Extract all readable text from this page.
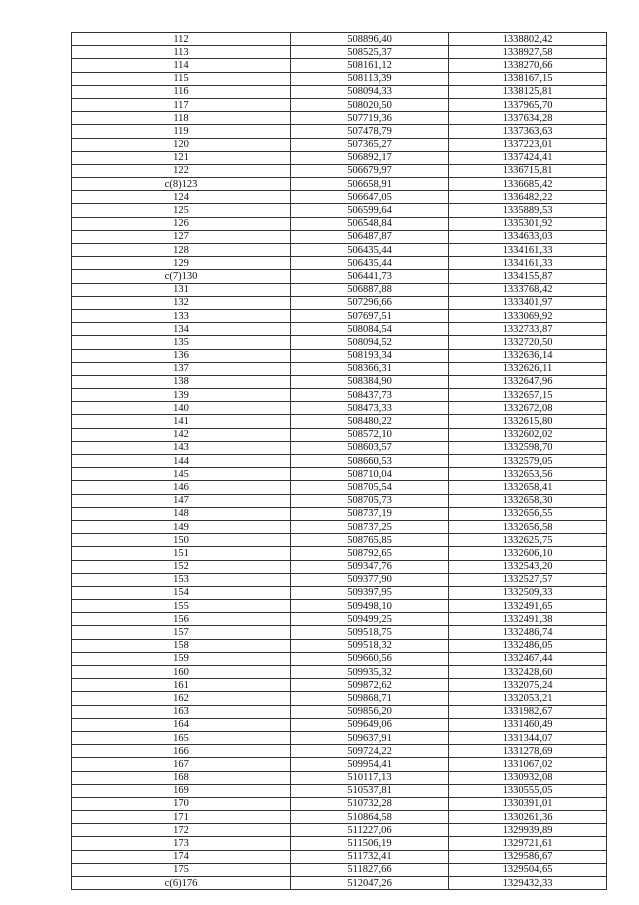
112	508896,40	1338802,42
113	508525,37	1338927,58
114	508161,12	1338270,66
115	508113,39	1338167,15
116	508094,33	1338125,81
117	508020,50	1337965,70
118	507719,36	1337634,28
119	507478,79	1337363,63
120	507365,27	1337223,01
121	506892,17	1337424,41
122	506679,97	1336715,81
c(8)123	506658,91	1336685,42
124	506647,05	1336482,22
125	506599,64	1335889,53
126	506548,84	1335301,92
127	506487,87	1334633,03
128	506435,44	1334161,33
129	506435,44	1334161,33
c(7)130	506441,73	1334155,87
131	506887,88	1333768,42
132	507296,66	1333401,97
133	507697,51	1333069,92
134	508084,54	1332733,87
135	508094,52	1332720,50
136	508193,34	1332636,14
137	508366,31	1332626,11
138	508384,90	1332647,96
139	508437,73	1332657,15
140	508473,33	1332672,08
141	508480,22	1332615,80
142	508572,10	1332602,02
143	508603,57	1332598,70
144	508660,53	1332579,05
145	508710,04	1332653,56
146	508705,54	1332658,41
147	508705,73	1332658,30
148	508737,19	1332656,55
149	508737,25	1332656,58
150	508765,85	1332625,75
151	508792,65	1332606,10
152	509347,76	1332543,20
153	509377,90	1332527,57
154	509397,95	1332509,33
155	509498,10	1332491,65
156	509499,25	1332491,38
157	509518,75	1332486,74
158	509518,32	1332486,05
159	509660,56	1332467,44
160	509935,32	1332428,60
161	509872,62	1332075,24
162	509868,71	1332053,21
163	509856,20	1331982,67
164	509649,06	1331460,49
165	509637,91	1331344,07
166	509724,22	1331278,69
167	509954,41	1331067,02
168	510117,13	1330932,08
169	510537,81	1330555,05
170	510732,28	1330391,01
171	510864,58	1330261,36
172	511227,06	1329939,89
173	511506,19	1329721,61
174	511732,41	1329586,67
175	511827,66	1329504,65
c(6)176	512047,26	1329432,33
